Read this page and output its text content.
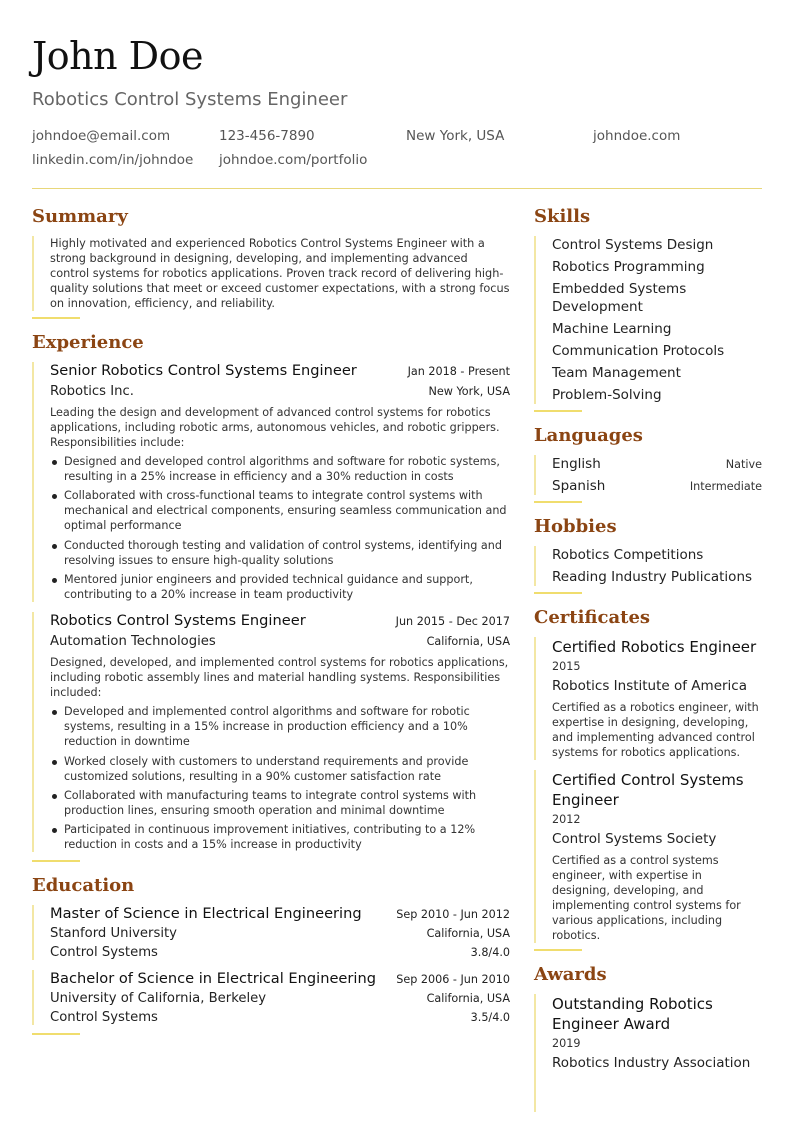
John Doe
Robotics Control Systems Engineer
johndoe@email.com	123-456-7890	New York, USA	johndoe.com
linkedin.com/in/johndoe	johndoe.com/portfolio
Summary

Highly motivated and experienced Robotics Control Systems Engineer with a strong background in designing, developing, and implementing advanced control systems for robotics applications. Proven track record of delivering high-quality solutions that meet or exceed customer expectations, with a strong focus on innovation, efficiency, and reliability.

Experience
Senior Robotics Control Systems Engineer	Jan 2018 - Present
Robotics Inc.	New York, USA

Leading the design and development of advanced control systems for robotics applications, including robotic arms, autonomous vehicles, and robotic grippers. Responsibilities include:

Designed and developed control algorithms and software for robotic systems, resulting in a 25% increase in efficiency and a 30% reduction in costs
Collaborated with cross-functional teams to integrate control systems with mechanical and electrical components, ensuring seamless communication and optimal performance
Conducted thorough testing and validation of control systems, identifying and resolving issues to ensure high-quality solutions
Mentored junior engineers and provided technical guidance and support, contributing to a 20% increase in team productivity
Robotics Control Systems Engineer	Jun 2015 - Dec 2017
Automation Technologies	California, USA

Designed, developed, and implemented control systems for robotics applications, including robotic assembly lines and material handling systems. Responsibilities included:

Developed and implemented control algorithms and software for robotic systems, resulting in a 15% increase in production efficiency and a 10% reduction in downtime
Worked closely with customers to understand requirements and provide customized solutions, resulting in a 90% customer satisfaction rate
Collaborated with manufacturing teams to integrate control systems with production lines, ensuring smooth operation and minimal downtime
Participated in continuous improvement initiatives, contributing to a 12% reduction in costs and a 15% increase in productivity
Education
Master of Science in Electrical Engineering	Sep 2010 - Jun 2012
Stanford University	California, USA
Control Systems	3.8/4.0
Bachelor of Science in Electrical Engineering Sep 2006 - Jun 2010
University of California, Berkeley	California, USA
Control Systems	3.5/4.0
Skills
Control Systems Design
Robotics Programming
Embedded Systems Development
Machine Learning
Communication Protocols
Team Management
Problem-Solving
Languages
English	Native
Spanish	Intermediate
Hobbies
Robotics Competitions
Reading Industry Publications
Certificates
Certified Robotics Engineer
2015
Robotics Institute of America

Certified as a robotics engineer, with expertise in designing, developing, and implementing advanced control systems for robotics applications.

Certified Control Systems Engineer
2012
Control Systems Society

Certified as a control systems engineer, with expertise in designing, developing, and implementing control systems for various applications, including robotics.

Awards
Outstanding Robotics Engineer Award
2019
Robotics Industry Association
